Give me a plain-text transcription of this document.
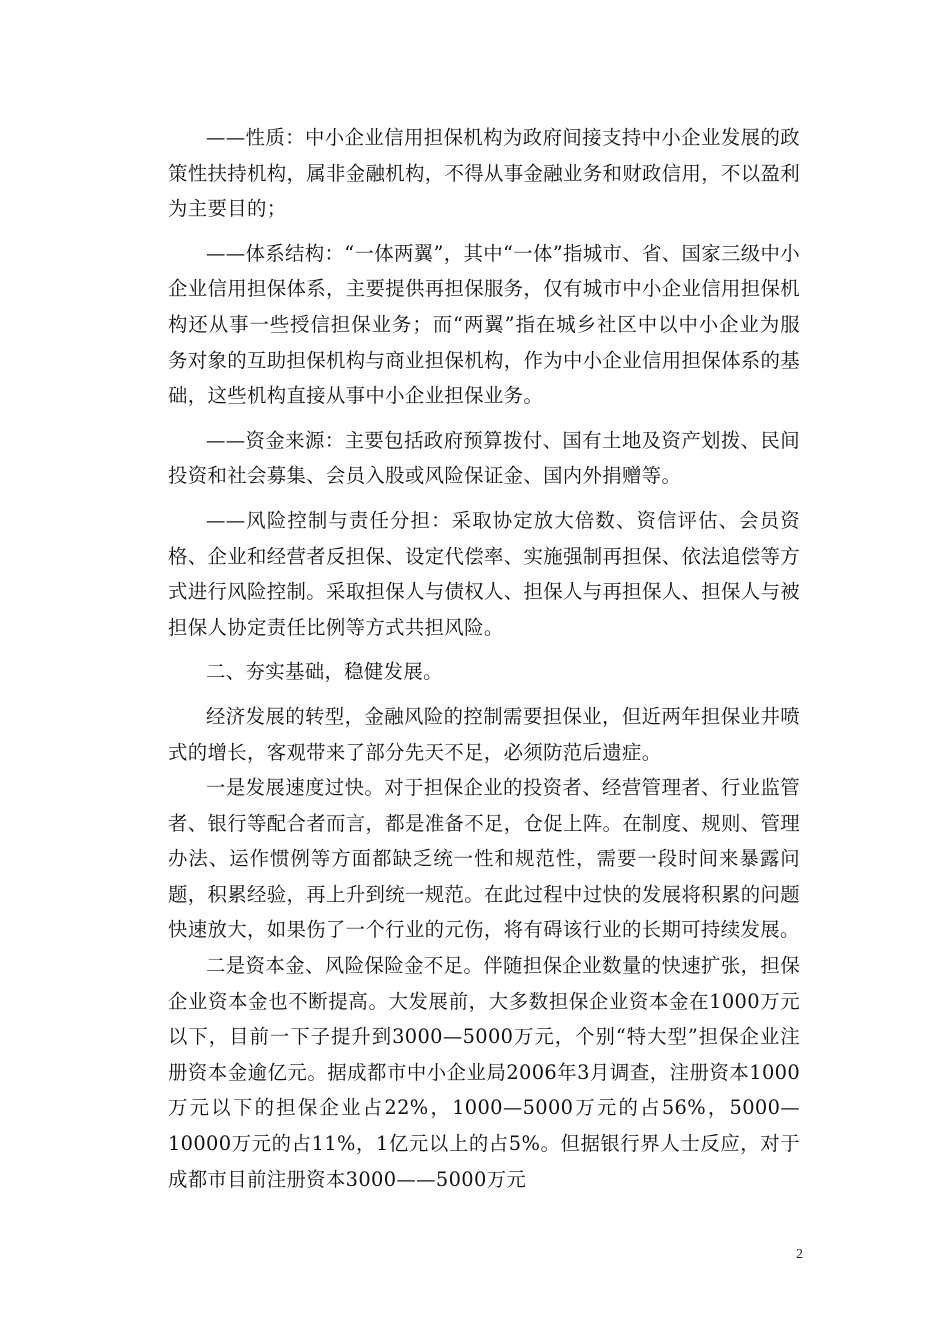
——性质：中小企业信用担保机构为政府间接支持中小企业发展的政策性扶持机构，属非金融机构，不得从事金融业务和财政信用，不以盈利为主要目的；

——体系结构：“一体两翼”，其中“一体”指城市、省、国家三级中小企业信用担保体系，主要提供再担保服务，仅有城市中小企业信用担保机构还从事一些授信担保业务；而“两翼”指在城乡社区中以中小企业为服务对象的互助担保机构与商业担保机构，作为中小企业信用担保体系的基础，这些机构直接从事中小企业担保业务。

——资金来源：主要包括政府预算拨付、国有土地及资产划拨、民间投资和社会募集、会员入股或风险保证金、国内外捐赠等。

——风险控制与责任分担：采取协定放大倍数、资信评估、会员资格、企业和经营者反担保、设定代偿率、实施强制再担保、依法追偿等方式进行风险控制。采取担保人与债权人、担保人与再担保人、担保人与被担保人协定责任比例等方式共担风险。

二、夯实基础，稳健发展。

经济发展的转型，金融风险的控制需要担保业，但近两年担保业井喷式的增长，客观带来了部分先天不足，必须防范后遗症。

一是发展速度过快。对于担保企业的投资者、经营管理者、行业监管者、银行等配合者而言，都是准备不足，仓促上阵。在制度、规则、管理办法、运作惯例等方面都缺乏统一性和规范性，需要一段时间来暴露问题，积累经验，再上升到统一规范。在此过程中过快的发展将积累的问题快速放大，如果伤了一个行业的元伤，将有碍该行业的长期可持续发展。

二是资本金、风险保险金不足。伴随担保企业数量的快速扩张，担保企业资本金也不断提高。大发展前，大多数担保企业资本金在1000万元以下，目前一下子提升到3000—5000万元，个别“特大型”担保企业注册资本金逾亿元。据成都市中小企业局2006年3月调查，注册资本1000万元以下的担保企业占22%，1000—5000万元的占56%，5000—10000万元的占11%，1亿元以上的占5%。但据银行界人士反应，对于成都市目前注册资本3000——5000万元

2
